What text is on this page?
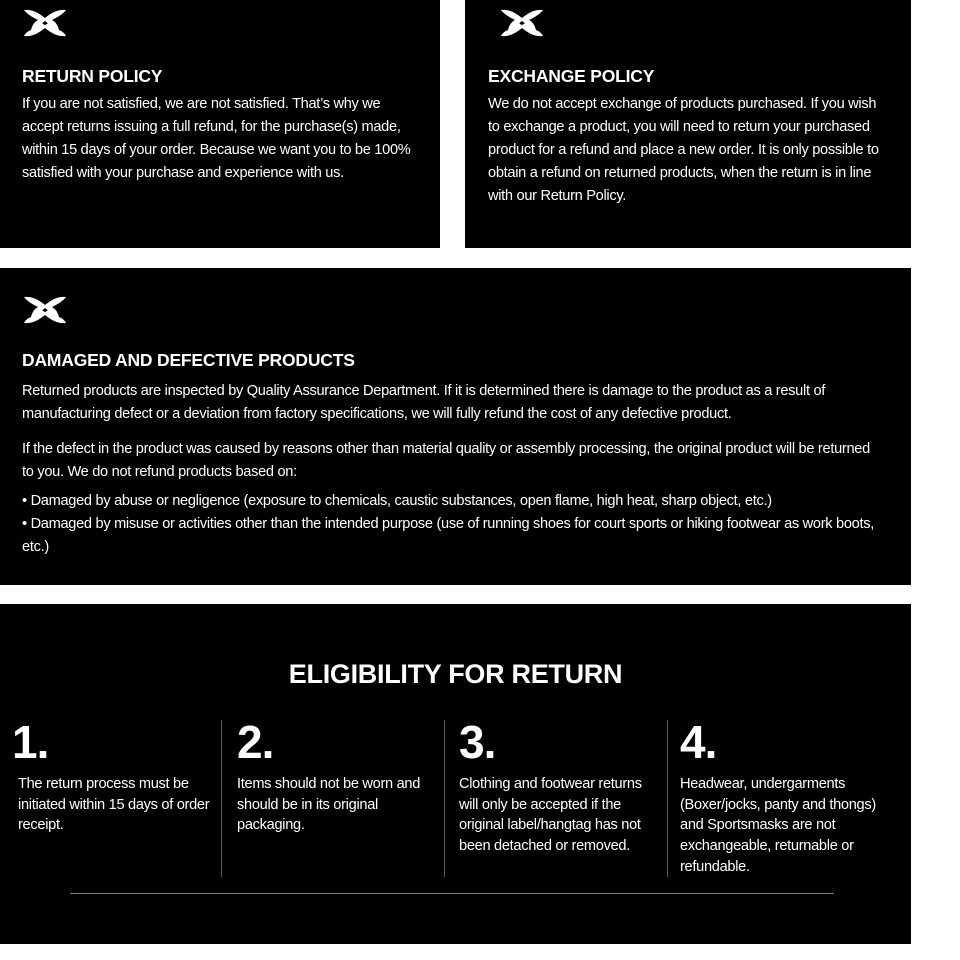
RETURN POLICY

If you are not satisfied, we are not satisfied. That’s why we accept returns issuing a full refund, for the purchase(s) made, within 15 days of your order. Because we want you to be 100% satisfied with your purchase and experience with us.

EXCHANGE POLICY

We do not accept exchange of products purchased. If you wish to exchange a product, you will need to return your purchased product for a refund and place a new order. It is only possible to obtain a refund on returned products, when the return is in line with our Return Policy.

DAMAGED AND DEFECTIVE PRODUCTS

Returned products are inspected by Quality Assurance Department. If it is determined there is damage to the product as a result of manufacturing defect or a deviation from factory specifications, we will fully refund the cost of any defective product.

If the defect in the product was caused by reasons other than material quality or assembly processing, the original product will be returned to you. We do not refund products based on:

• Damaged by abuse or negligence (exposure to chemicals, caustic substances, open flame, high heat, sharp object, etc.)
• Damaged by misuse or activities other than the intended purpose (use of running shoes for court sports or hiking footwear as work boots, etc.)
ELIGIBILITY FOR RETURN
1.
The return process must be initiated within 15 days of order receipt.
2.
Items should not be worn and should be in its original packaging.
3.
Clothing and footwear returns will only be accepted if the original label/hangtag has not been detached or removed.
4.
Headwear, undergarments (Boxer/jocks, panty and thongs) and Sportsmasks are not exchangeable, returnable or refundable.
